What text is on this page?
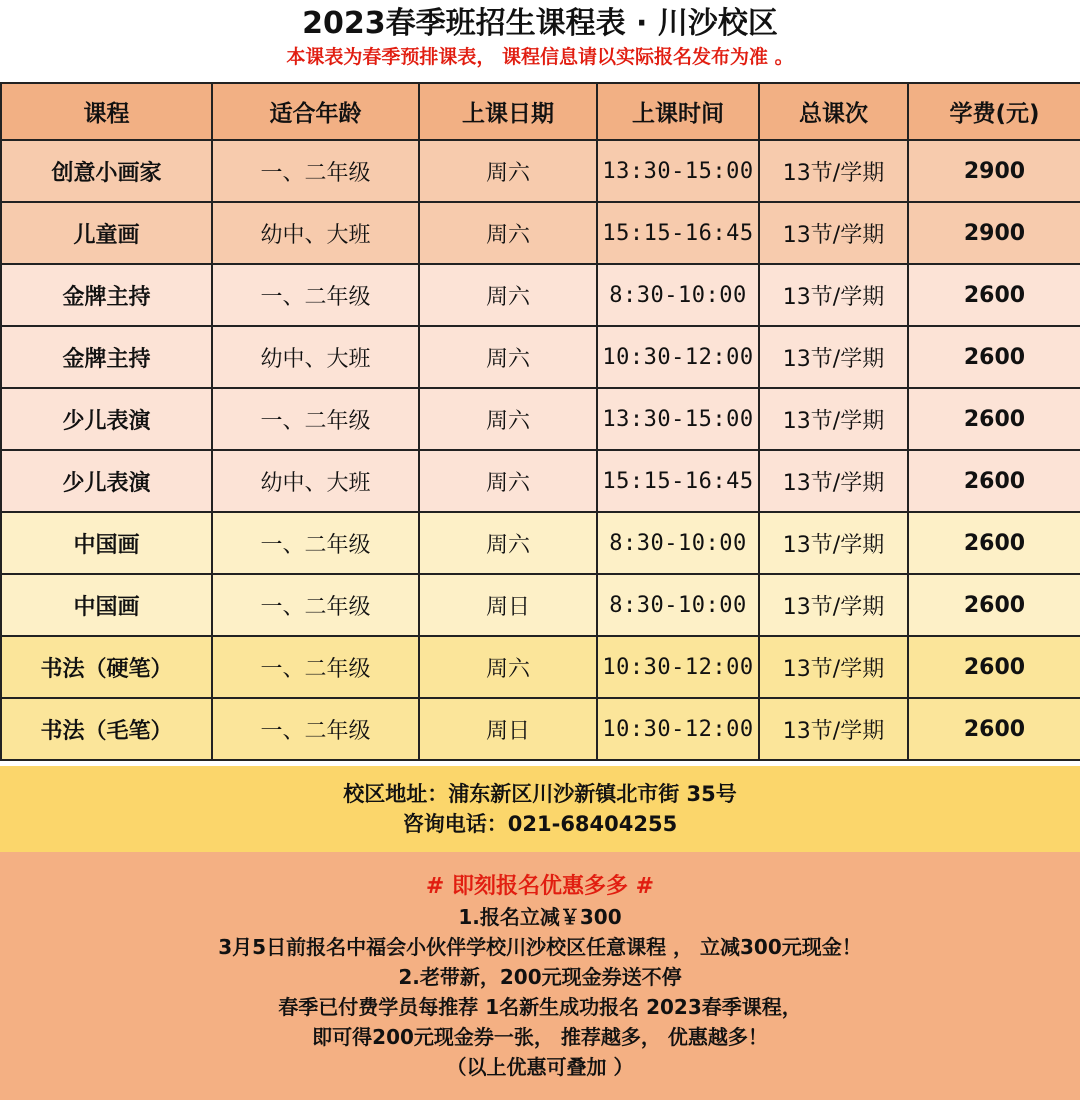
2023春季班招生课程表 · 川沙校区
本课表为春季预排课表， 课程信息请以实际报名发布为准 。
课程	适合年龄	上课日期	上课时间	总课次	学费(元)
创意小画家	一、二年级	周六	13:30-15:00	13节/学期	2900
儿童画	幼中、大班	周六	15:15-16:45	13节/学期	2900
金牌主持	一、二年级	周六	8:30-10:00	13节/学期	2600
金牌主持	幼中、大班	周六	10:30-12:00	13节/学期	2600
少儿表演	一、二年级	周六	13:30-15:00	13节/学期	2600
少儿表演	幼中、大班	周六	15:15-16:45	13节/学期	2600
中国画	一、二年级	周六	8:30-10:00	13节/学期	2600
中国画	一、二年级	周日	8:30-10:00	13节/学期	2600
书法（硬笔）	一、二年级	周六	10:30-12:00	13节/学期	2600
书法（毛笔）	一、二年级	周日	10:30-12:00	13节/学期	2600
校区地址：浦东新区川沙新镇北市街 35号
咨询电话：021-68404255
# 即刻报名优惠多多 #
1.报名立减￥300
3月5日前报名中福会小伙伴学校川沙校区任意课程 ， 立减300元现金！
2.老带新，200元现金券送不停
春季已付费学员每推荐 1名新生成功报名 2023春季课程，
即可得200元现金券一张， 推荐越多， 优惠越多！
（以上优惠可叠加 ）
